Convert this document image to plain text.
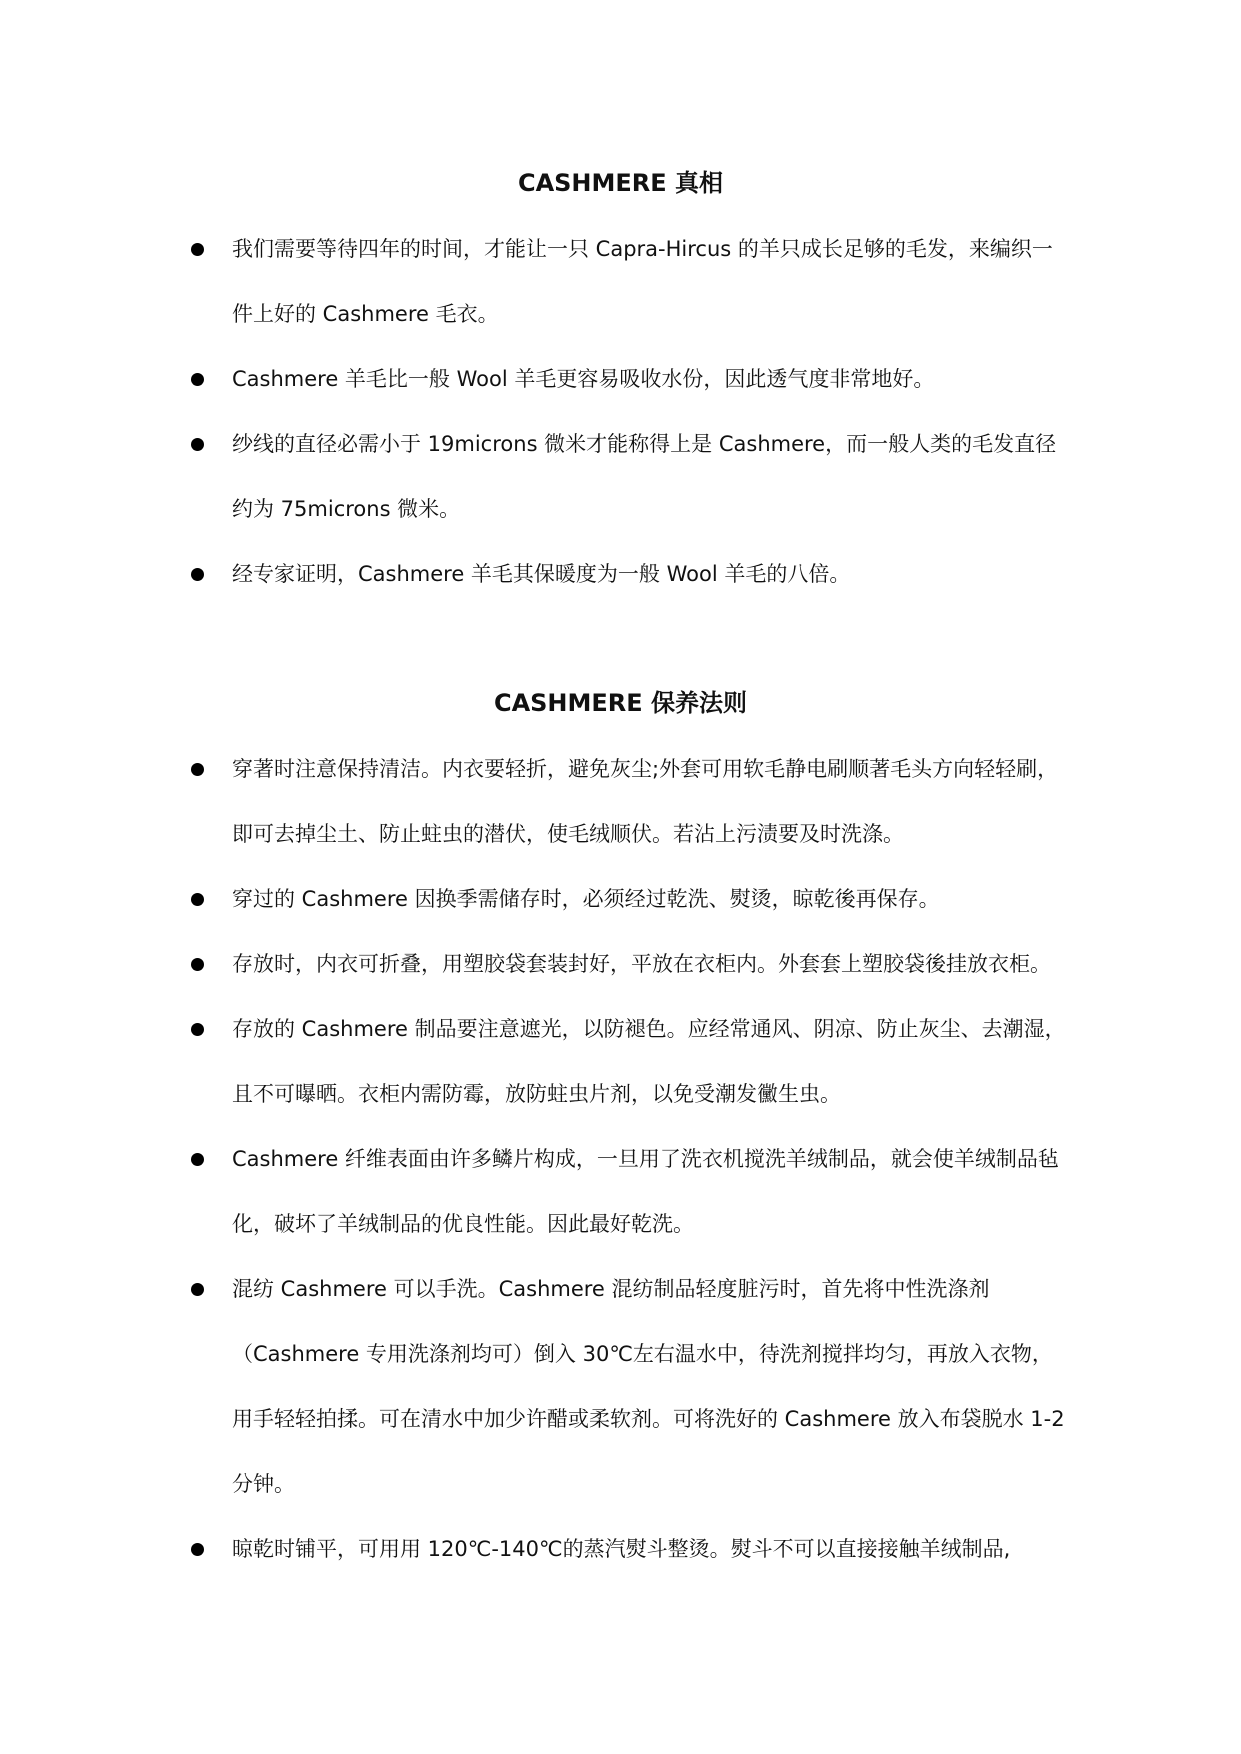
CASHMERE 真相
我们需要等待四年的时间，才能让一只 Capra-Hircus 的羊只成长足够的毛发，来编织一件上好的 Cashmere 毛衣。
Cashmere 羊毛比一般 Wool 羊毛更容易吸收水份，因此透气度非常地好。
纱线的直径必需小于 19microns 微米才能称得上是 Cashmere，而一般人类的毛发直径约为 75microns 微米。
经专家证明，Cashmere 羊毛其保暖度为一般 Wool 羊毛的八倍。
CASHMERE 保养法则
穿著时注意保持清洁。内衣要轻折，避免灰尘;外套可用软毛静电刷顺著毛头方向轻轻刷，即可去掉尘土、防止蛀虫的潜伏，使毛绒顺伏。若沾上污渍要及时洗涤。
穿过的 Cashmere 因换季需储存时，必须经过乾洗、熨烫，晾乾後再保存。
存放时，内衣可折叠，用塑胶袋套装封好，平放在衣柜内。外套套上塑胶袋後挂放衣柜。
存放的 Cashmere 制品要注意遮光，以防褪色。应经常通风、阴凉、防止灰尘、去潮湿，且不可曝晒。衣柜内需防霉，放防蛀虫片剂，以免受潮发黴生虫。
Cashmere 纤维表面由许多鳞片构成，一旦用了洗衣机搅洗羊绒制品，就会使羊绒制品毡化，破坏了羊绒制品的优良性能。因此最好乾洗。
混纺 Cashmere 可以手洗。Cashmere 混纺制品轻度脏污时，首先将中性洗涤剂（Cashmere 专用洗涤剂均可）倒入 30℃左右温水中，待洗剂搅拌均匀，再放入衣物，用手轻轻拍揉。可在清水中加少许醋或柔软剂。可将洗好的 Cashmere 放入布袋脱水 1-2 分钟。
晾乾时铺平，可用用 120℃-140℃的蒸汽熨斗整烫。熨斗不可以直接接触羊绒制品,
